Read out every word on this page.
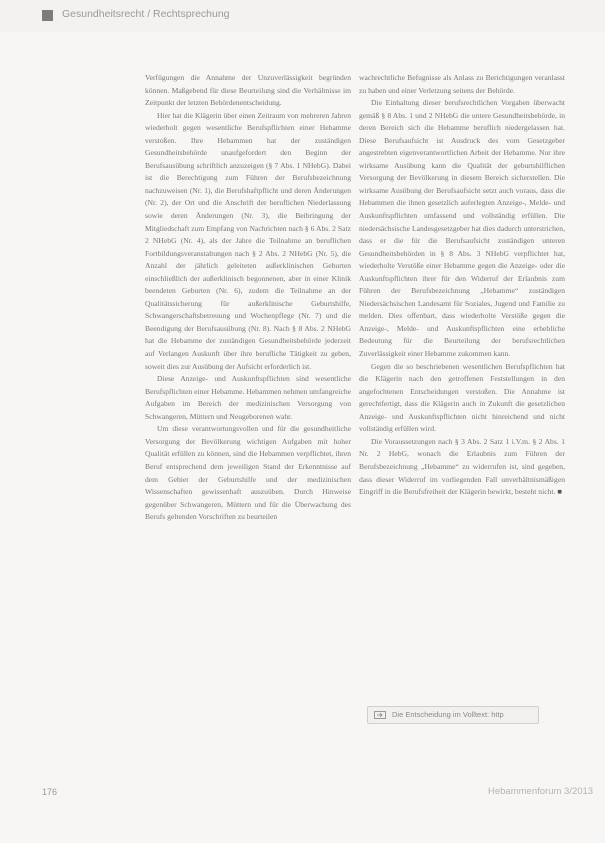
Gesundheitsrecht / Rechtsprechung

Verfügungen die Annahme der Unzuverlässigkeit begründen können. Maßgebend für diese Beurteilung sind die Verhältnisse im Zeitpunkt der letzten Behördenentscheidung.

Hier hat die Klägerin über einen Zeitraum von mehreren Jahren wiederholt gegen wesentliche Berufspflichten einer Hebamme verstoßen. Ihre Hebammen hat der zuständigen Gesundheitsbehörde unaufgefordert den Beginn der Berufsausübung schriftlich anzuzeigen (§ 7 Abs. 1 NHebG). Dabei ist die Berechtigung zum Führen der Berufsbezeichnung nachzuweisen (Nr. 1), die Berufshaftpflicht und deren Änderungen (Nr. 2), der Ort und die Anschrift der beruflichen Niederlassung sowie deren Änderungen (Nr. 3), die Beibringung der Mitgliedschaft zum Empfang von Nachrichten nach § 6 Abs. 2 Satz 2 NHebG (Nr. 4), als der Jahre die Teilnahme an beruflichen Fortbildungsveranstaltungen nach § 2 Abs. 2 NHebG (Nr. 5), die Anzahl der jährlich geleiteten außerklinischen Geburten einschließlich der außerklinisch begonnenen, aber in einer Klinik beendeten Geburten (Nr. 6), zudem die Teilnahme an der Qualitätssicherung für außerklinische Geburtshilfe, Schwangerschaftsbetreuung und Wochenpflege (Nr. 7) und die Beendigung der Berufsausübung (Nr. 8). Nach § 8 Abs. 2 NHebG hat die Hebamme der zuständigen Gesundheitsbehörde jederzeit auf Verlangen Auskunft über ihre berufliche Tätigkeit zu geben, soweit dies zur Ausübung der Aufsicht erforderlich ist.

Diese Anzeige- und Auskunftspflichten sind wesentliche Berufspflichten einer Hebamme. Hebammen nehmen umfangreiche Aufgaben im Bereich der medizinischen Versorgung von Schwangeren, Müttern und Neugeborenen wahr.

Um diese verantwortungsvollen und für die gesundheitliche Versorgung der Bevölkerung wichtigen Aufgaben mit hoher Qualität erfüllen zu können, sind die Hebammen verpflichtet, ihren Beruf entsprechend dem jeweiligen Stand der Erkenntnisse auf dem Gebiet der Geburtshilfe und der medizinischen Wissenschaften gewissenhaft auszuüben. Durch Hinweise gegenüber Schwangeren, Müttern und für die Überwachung des Berufs geltenden Vorschriften zu beurteilen

wachrechtliche Befugnisse als Anlass zu Berichtigungen veranlasst zu haben und einer Verletzung seitens der Behörde.

Die Einhaltung dieser berufsrechtlichen Vorgaben überwacht gemäß § 8 Abs. 1 und 2 NHebG die untere Gesundheitsbehörde, in deren Bereich sich die Hebamme beruflich niedergelassen hat. Diese Berufsaufsicht ist Ausdruck des vom Gesetzgeber angestrebten eigenverantwortlichen Arbeit der Hebamme. Nur ihre wirksame Ausübung kann die Qualität der geburtshilflichen Versorgung der Bevölkerung in diesem Bereich sicherstellen. Die wirksame Ausübung der Berufsaufsicht setzt auch voraus, dass die Hebammen die ihnen gesetzlich auferlegten Anzeige-, Melde- und Auskunftspflichten umfassend und vollständig erfüllen. Die niedersächsische Landesgesetzgeber hat dies dadurch unterstrichen, dass er die für die Berufsaufsicht zuständigen unteren Gesundheitsbehörden in § 8 Abs. 3 NHebG verpflichtet hat, wiederholte Verstöße einer Hebamme gegen die Anzeige- oder die Auskunftspflichten ihrer für den Widerruf der Erlaubnis zum Führen der Berufsbezeichnung „Hebamme“ zuständigen Niedersächsischen Landesamt für Soziales, Jugend und Familie zu melden. Dies offenbart, dass wiederholte Verstöße gegen die Anzeige-, Melde- und Auskunftspflichten eine erhebliche Bedeutung für die Beurteilung der berufsrechtlichen Zuverlässigkeit einer Hebamme zukommen kann.

Gegen die so beschriebenen wesentlichen Berufspflichten hat die Klägerin nach den getroffenen Feststellungen in den angefochtenen Entscheidungen verstoßen. Die Annahme ist gerechtfertigt, dass die Klägerin auch in Zukunft die gesetzlichen Anzeige- und Auskunftspflichten nicht hinreichend und nicht vollständig erfüllen wird.

Die Voraussetzungen nach § 3 Abs. 2 Satz 1 i.V.m. § 2 Abs. 1 Nr. 2 HebG, wonach die Erlaubnis zum Führen der Berufsbezeichnung „Hebamme“ zu widerrufen ist, sind gegeben, dass dieser Widerruf im vorliegenden Fall unverhältnismäßigen Eingriff in die Berufsfreiheit der Klägerin bewirkt, besteht nicht. ■

Die Entscheidung im Volltext: http
176	Hebammenforum 3/2013
